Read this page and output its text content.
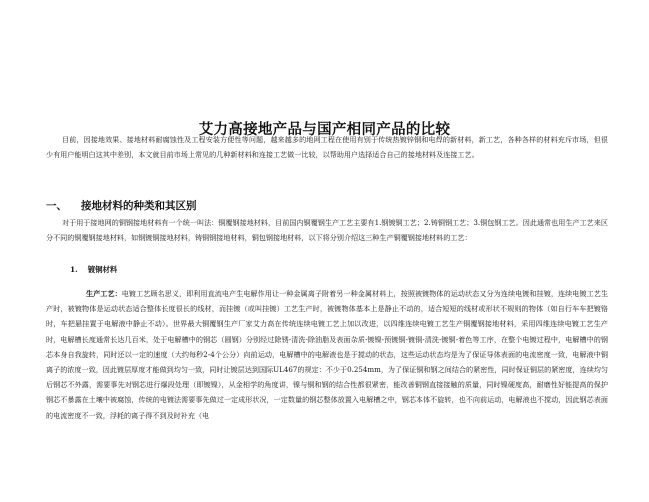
艾力高接地产品与国产相同产品的比较

目前，因接地效果、接地材料耐腐蚀性及工程安装方便性等问题，越来越多的地网工程在使用有别于传统热镀锌钢和电焊的新材料，新工艺，各种各样的材料充斥市场，但很少有用户能明白这其中差别，本文就目前市场上常见的几种新材料和连接工艺做一比较，以帮助用户选择适合自己的接地材料及连接工艺。

一、 接地材料的种类和其区别

对于用于接地网的铜钢接地材料有一个统一叫法：铜覆钢接地材料，目前国内铜覆钢生产工艺主要有1.钢镀铜工艺；2.铸铜钢工艺；3.铜包钢工艺。因此通常也用生产工艺来区分不同的铜覆钢接地材料，如钢镀铜接地材料，铸铜钢接地材料，铜包钢接地材料，以下将分别介绍这三种生产铜覆钢接地材料的工艺：

1. 镀铜材料

生产工艺：电镀工艺顾名思义，即利用直流电产生电解作用让一种金属离子附着另一种金属材料上，按照被镀物体的运动状态又分为连续电镀和挂镀，连续电镀工艺生产时，被镀物体是运动状态适合整体长度很长的线材，而挂镀（或叫挂镀）工艺生产时，被镀物体基本上是静止不动的，适合短短的线材或形状不规则的物体（如自行车车把镀铬时，车把悬挂置于电解液中静止不动）。世界最大铜覆钢生产厂家艾力高在传统连续电镀工艺上加以改进，以四维连续电镀工艺生产铜覆钢接地材料，采用四维连续电镀工艺生产时，电解槽长度通常长达几百米，处于电解槽中的钢芯（圆钢）分别经过除锈-清洗-除油脂及表面杂质-镀镍-预镀铜-镀铜-清洗-镀铜-着色等工序，在整个电镀过程中，电解槽中的钢芯本身自我旋转，同时还以一定的速度（大约每秒2-4个公分）向前运动，电解槽中的电解液也是于搅动的状态，这些运动状态均是为了保证导体表面的电流密度一致，电解液中铜离子的浓度一致，因此镀层厚度才能做到均匀一致，同时让镀层达到国际UL467的规定：不少于0.254mm，为了保证铜和钢之间结合的紧密性，同时保证铜层的紧密度，连续均匀后钢芯不外露，需要事先对钢芯进行爆段处理（即镀镍），从金相学的角度讲，镍与铜和钢的结合性都很紧密，能改善铜钢直接接触的质量，同时镍硬度高，耐磨性好能提高的保护钢芯不暴露在土壤中被腐蚀，传统的电镀法需要事先做过一定成形状况，一定数量的钢芯整体放置入电解槽之中，钢芯本体不旋转，也不向前运动，电解液也不搅动，因此钢芯表面的电流密度不一致，浮耗的离子得不到及时补充（电
